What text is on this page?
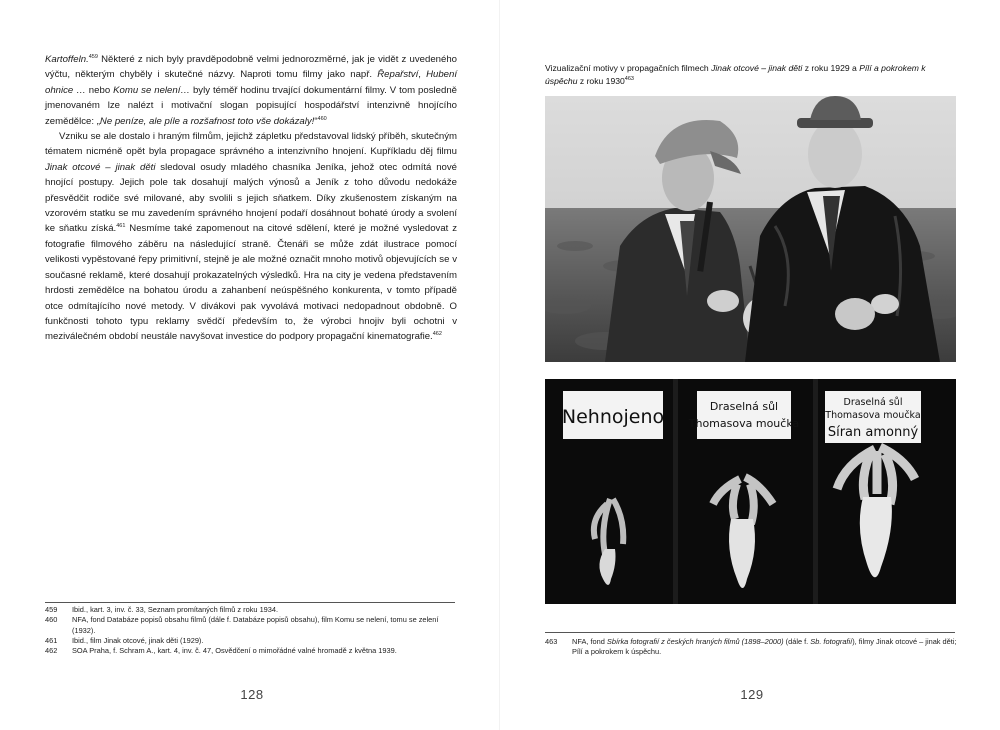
Kartoffeln.$^{459}$ Některé z nich byly pravděpodobně velmi jednorozměrné, jak je vidět z uvedeného výčtu, některým chyběly i skutečné názvy. Naproti tomu filmy jako např. Řepařství, Hubení ohnice … nebo Komu se nelení… byly téměř hodinu trvající dokumentární filmy. V tom posledně jmenovaném lze nalézt i motivační slogan popisující hospodářství intenzivně hnojícího zemědělce: „Ne peníze, ale píle a rozšafnost toto vše dokázaly!“$^{460}$

Vzniku se ale dostalo i hraným filmům, jejichž zápletku představoval lidský příběh, skutečným tématem nicméně opět byla propagace správného a intenzivního hnojení. Kupříkladu děj filmu Jinak otcové – jinak děti sledoval osudy mladého chasníka Jeníka, jehož otec odmítá nové hnojící postupy. Jejich pole tak dosahují malých výnosů a Jeník z toho důvodu nedokáže přesvědčit rodiče své milované, aby svolili s jejich sňatkem. Díky zkušenostem získaným na vzorovém statku se mu zavedením správného hnojení podaří dosáhnout bohaté úrody a svolení ke sňatku získá.$^{461}$ Nesmíme také zapomenout na citové sdělení, které je možné vysledovat z fotografie filmového záběru na následující straně. Čtenáři se může zdát ilustrace pomocí velikosti vypěstované řepy primitivní, stejně je ale možné označit mnoho motivů objevujících se v současné reklamě, které dosahují prokazatelných výsledků. Hra na city je vedena představením hrdosti zemědělce na bohatou úrodu a zahanbení neúspěšného konkurenta, v tomto případě otce odmítajícího nové metody. V divákovi pak vyvolává motivaci nedopadnout obdobně. O funkčnosti tohoto typu reklamy svědčí především to, že výrobci hnojiv byli ochotni v meziválečném období neustále navyšovat investice do podpory propagační kinematografie.$^{462}$

459	Ibid., kart. 3, inv. č. 33, Seznam promítaných filmů z roku 1934.
460	NFA, fond Databáze popisů obsahu filmů (dále f. Databáze popisů obsahu), film Komu se nelení, tomu se zelení (1932).
461	Ibid., film Jinak otcové, jinak děti (1929).
462	SOA Praha, f. Schram A., kart. 4, inv. č. 47, Osvědčení o mimořádné valné hromadě z května 1939.
128
Vizualizační motivy v propagačních filmech Jinak otcové – jinak děti z roku 1929 a Pílí a pokrokem k úspěchu z roku 1930$^{463}$
Nehnojeno	Draselná sůl
Thomasova moučka
Draselná sůl
Thomasova moučka
Síran amonný
463	NFA, fond Sbírka fotografií z českých hraných filmů (1898–2000) (dále f. Sb. fotografií), filmy Jinak otcové – jinak děti; Pílí a pokrokem k úspěchu.
129
